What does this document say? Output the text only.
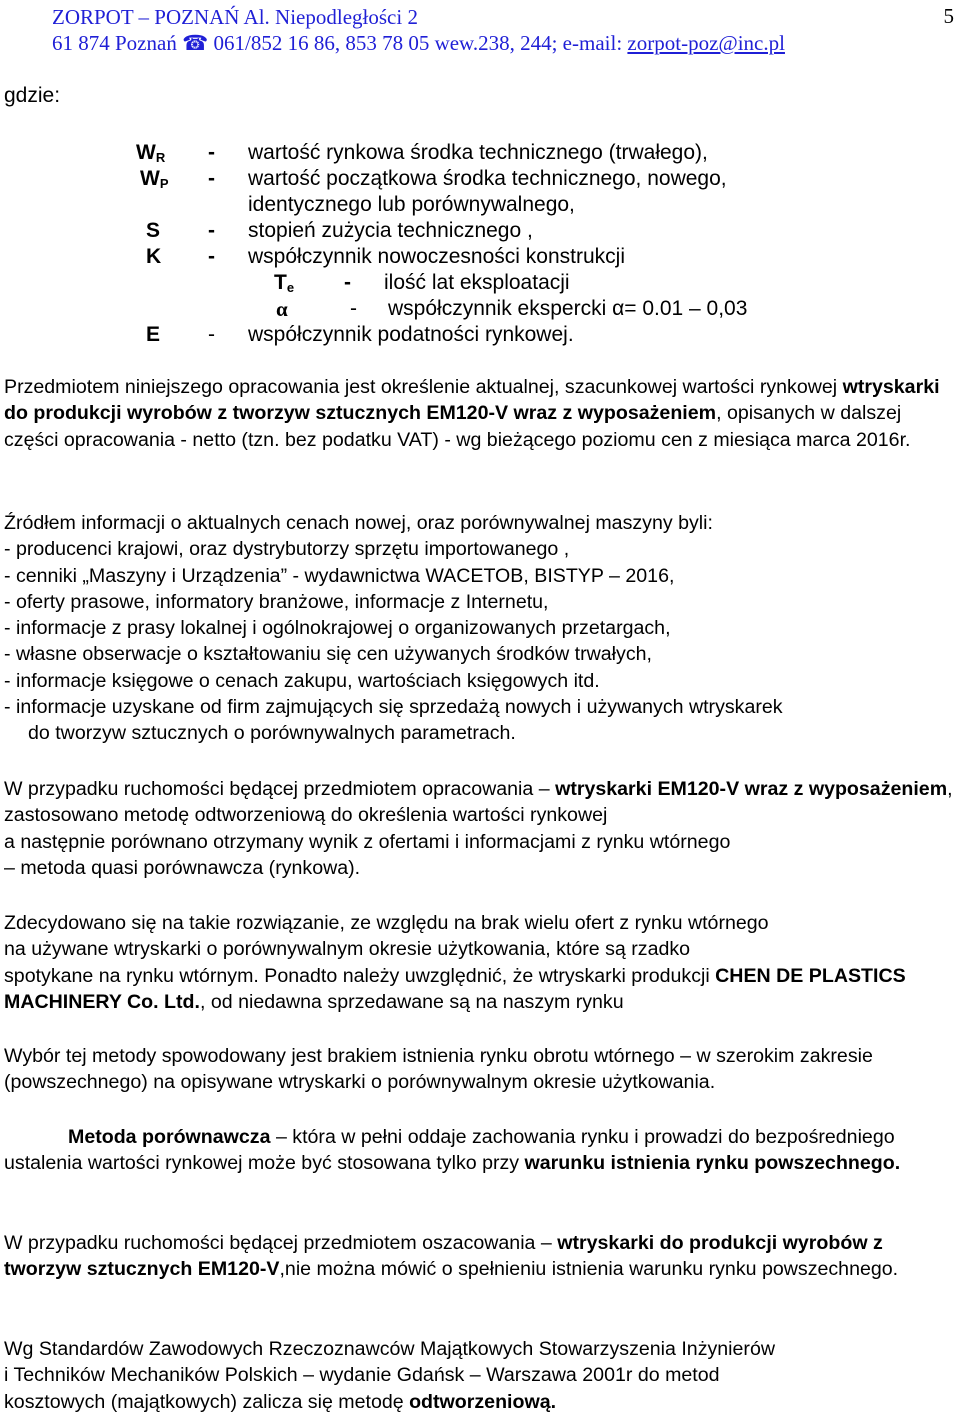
ZORPOT – POZNAŃ Al. Niepodległości 2
61 874 Poznań ☎ 061/852 16 86, 853 78 05 wew.238, 244; e-mail: zorpot-poz@inc.pl
5
gdzie:
$W_R$ - wartość rynkowa środka technicznego (trwałego),
$W_P$ - wartość początkowa środka technicznego, nowego,
identycznego lub porównywalnego,
S - stopień zużycia technicznego ,
K - współczynnik nowoczesności konstrukcji
$T_e$ - ilość lat eksploatacji
α	- współczynnik ekspercki α= 0.01 – 0,03
E - współczynnik podatności rynkowej.

Przedmiotem niniejszego opracowania jest określenie aktualnej, szacunkowej wartości rynkowej wtryskarki do produkcji wyrobów z tworzyw sztucznych EM120-V wraz z wyposażeniem, opisanych w dalszej części opracowania - netto (tzn. bez podatku VAT) - wg bieżącego poziomu cen z miesiąca marca 2016r.

Źródłem informacji o aktualnych cenach nowej, oraz porównywalnej maszyny byli:

- producenci krajowi, oraz dystrybutorzy sprzętu importowanego ,

- cenniki „Maszyny i Urządzenia” - wydawnictwa WACETOB, BISTYP – 2016,

- oferty prasowe, informatory branżowe, informacje z Internetu,

- informacje z prasy lokalnej i ogólnokrajowej o organizowanych przetargach,

- własne obserwacje o kształtowaniu się cen używanych środków trwałych,

- informacje księgowe o cenach zakupu, wartościach księgowych itd.

- informacje uzyskane od firm zajmujących się sprzedażą nowych i używanych wtryskarek

do tworzyw sztucznych o porównywalnych parametrach.

W przypadku ruchomości będącej przedmiotem opracowania – wtryskarki EM120-V wraz z wyposażeniem, zastosowano metodę odtworzeniową do określenia wartości rynkowej

a następnie porównano otrzymany wynik z ofertami i informacjami z rynku wtórnego

– metoda quasi porównawcza (rynkowa).

Zdecydowano się na takie rozwiązanie, ze względu na brak wielu ofert z rynku wtórnego

na używane wtryskarki o porównywalnym okresie użytkowania, które są rzadko

spotykane na rynku wtórnym. Ponadto należy uwzględnić, że wtryskarki produkcji CHEN DE PLASTICS MACHINERY Co. Ltd., od niedawna sprzedawane są na naszym rynku

Wybór tej metody spowodowany jest brakiem istnienia rynku obrotu wtórnego – w szerokim zakresie (powszechnego) na opisywane wtryskarki o porównywalnym okresie użytkowania.

Metoda porównawcza – która w pełni oddaje zachowania rynku i prowadzi do bezpośredniego ustalenia wartości rynkowej może być stosowana tylko przy warunku istnienia rynku powszechnego.

W przypadku ruchomości będącej przedmiotem oszacowania – wtryskarki do produkcji wyrobów z tworzyw sztucznych EM120-V,nie można mówić o spełnieniu istnienia warunku rynku powszechnego.

Wg Standardów Zawodowych Rzeczoznawców Majątkowych Stowarzyszenia Inżynierów

i Techników Mechaników Polskich – wydanie Gdańsk – Warszawa 2001r do metod

kosztowych (majątkowych) zalicza się metodę odtworzeniową.
